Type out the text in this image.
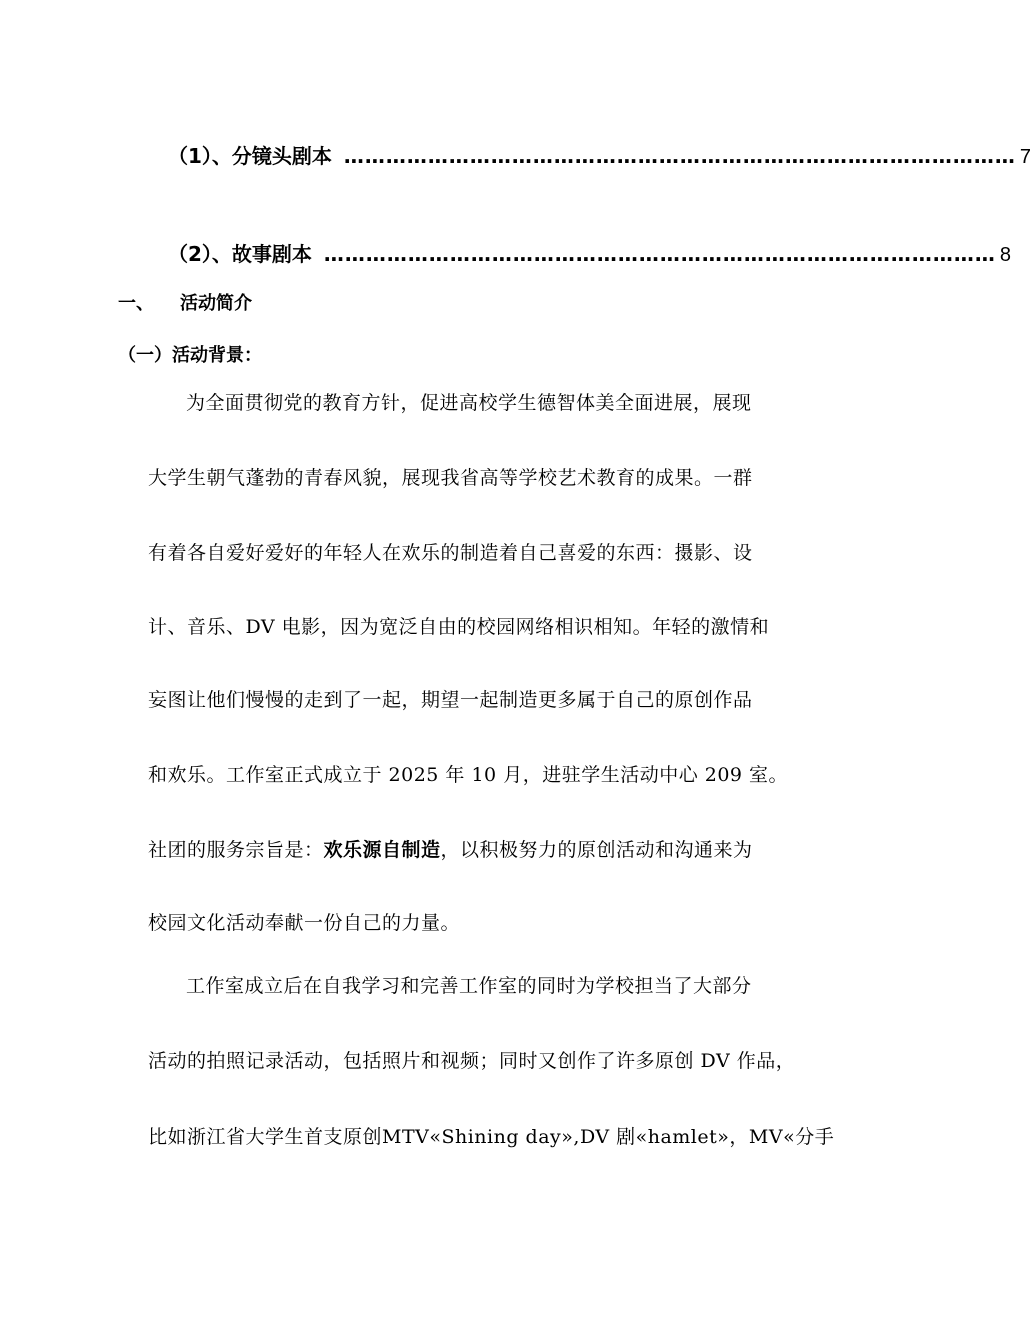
（1）、分镜头剧本 …………………………………………………………………………………… 7
（2）、故事剧本 …………………………………………………………………………………… 8
一、 活动简介
（一）活动背景：
为全面贯彻党的教育方针，促进高校学生德智体美全面进展，展现
大学生朝气蓬勃的青春风貌，展现我省高等学校艺术教育的成果。一群
有着各自爱好爱好的年轻人在欢乐的制造着自己喜爱的东西：摄影、设
计、音乐、DV 电影，因为宽泛自由的校园网络相识相知。年轻的激情和
妄图让他们慢慢的走到了一起，期望一起制造更多属于自己的原创作品
和欢乐。工作室正式成立于 2025 年 10 月，进驻学生活动中心 209 室。
社团的服务宗旨是：欢乐源自制造，以积极努力的原创活动和沟通来为
校园文化活动奉献一份自己的力量。
工作室成立后在自我学习和完善工作室的同时为学校担当了大部分
活动的拍照记录活动，包括照片和视频；同时又创作了许多原创 DV 作品，
比如浙江省大学生首支原创MTV«Shining day»,DV 剧«hamlet»，MV«分手
